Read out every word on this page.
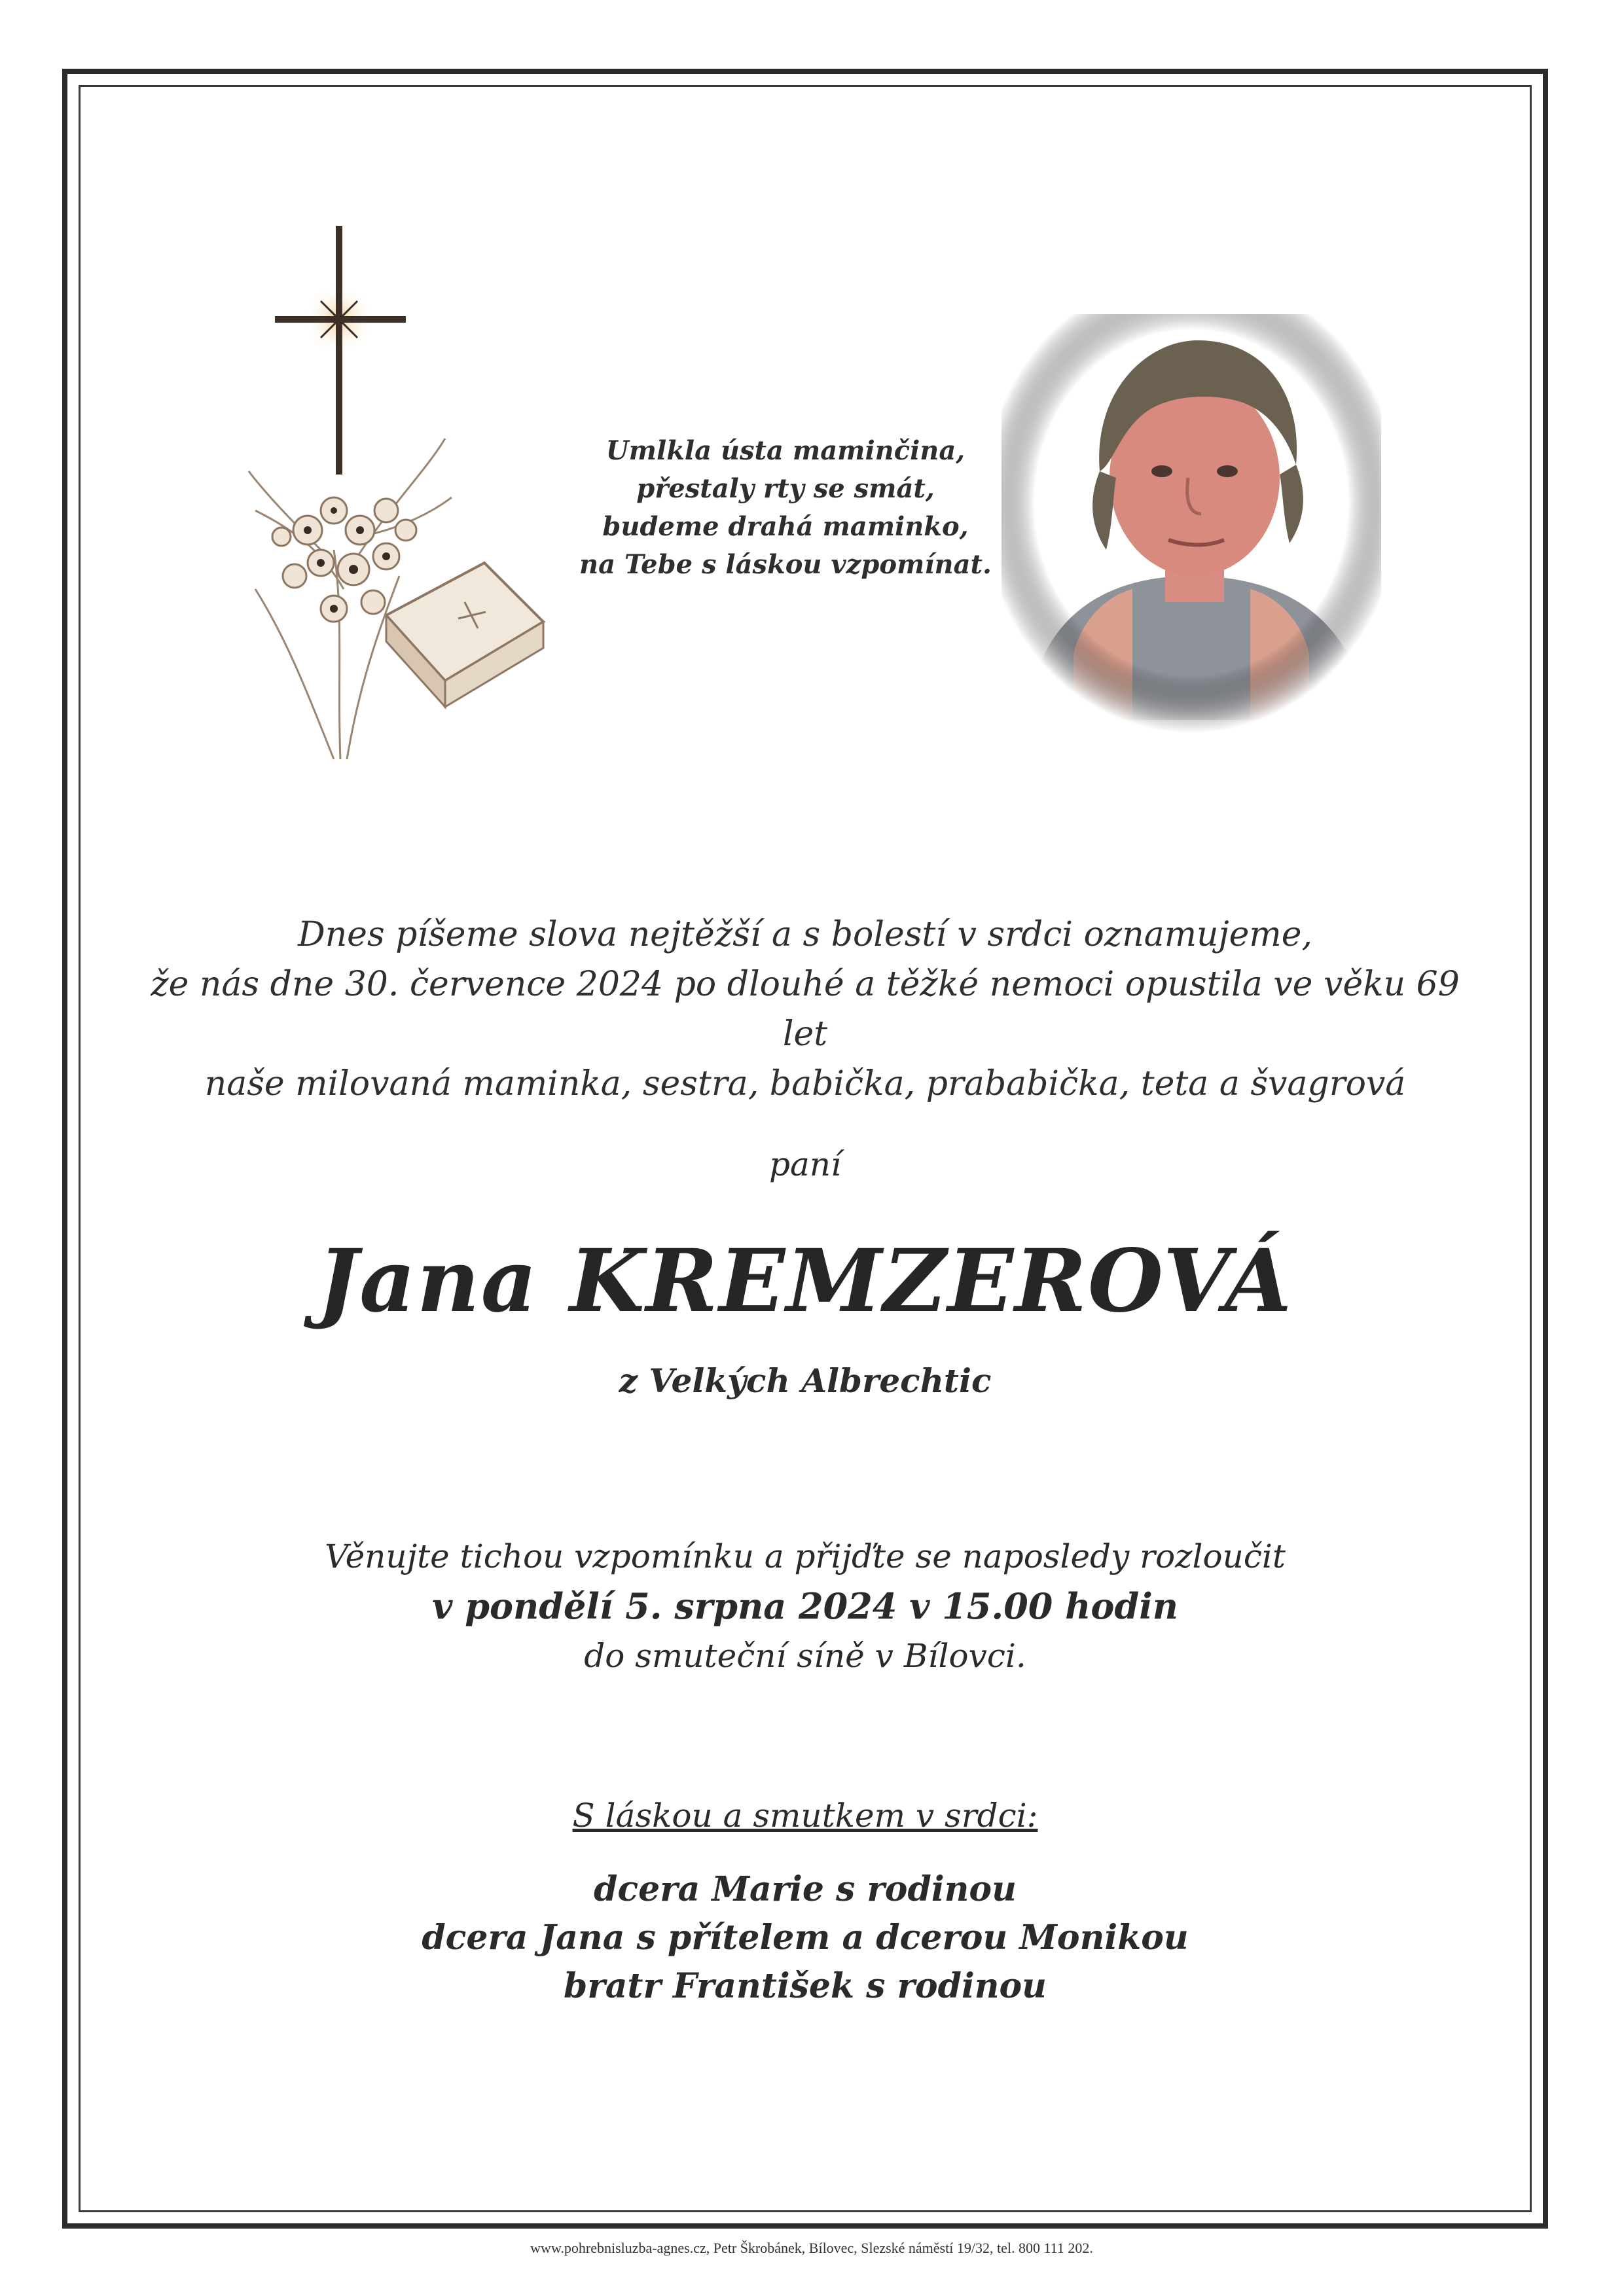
Umlkla ústa maminčina,
přestaly rty se smát,
budeme drahá maminko,
na Tebe s láskou vzpomínat.
Dnes píšeme slova nejtěžší a s bolestí v srdci oznamujeme,
že nás dne 30. července 2024 po dlouhé a těžké nemoci opustila ve věku 69 let
naše milovaná maminka, sestra, babička, prababička, teta a švagrová
paní
Jana KREMZEROVÁ
z Velkých Albrechtic
Věnujte tichou vzpomínku a přijďte se naposledy rozloučit
v pondělí 5. srpna 2024 v 15.00 hodin
do smuteční síně v Bílovci.
S láskou a smutkem v srdci:
dcera Marie s rodinou
dcera Jana s přítelem a dcerou Monikou
bratr František s rodinou
www.pohrebnisluzba-agnes.cz, Petr Škrobánek, Bílovec, Slezské náměstí 19/32, tel. 800 111 202.
